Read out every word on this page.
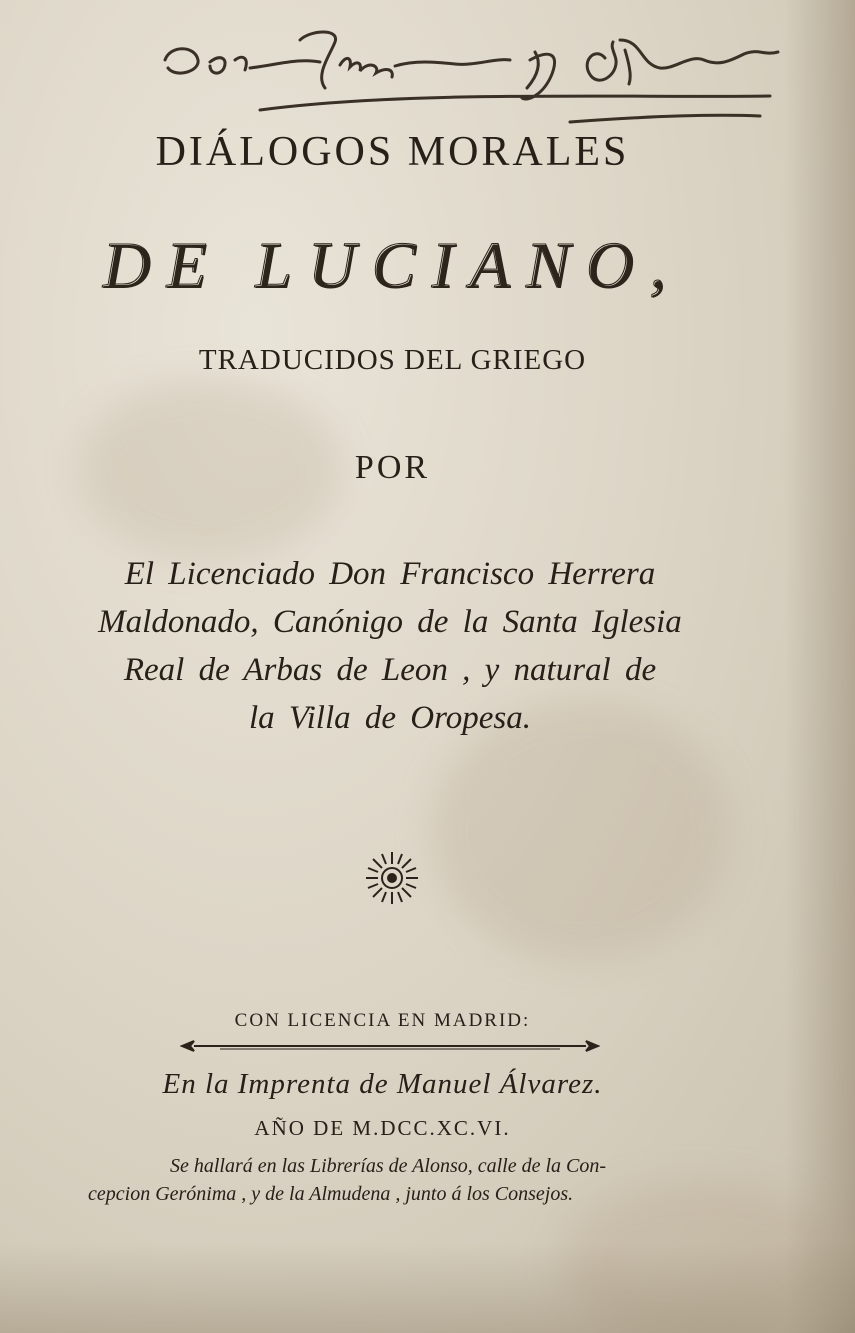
DIÁLOGOS MORALES
DE LUCIANO,
TRADUCIDOS DEL GRIEGO
POR
El Licenciado Don Francisco Herrera
Maldonado, Canónigo de la Santa Iglesia
Real de Arbas de Leon , y natural de
la Villa de Oropesa.
CON LICENCIA EN MADRID:
En la Imprenta de Manuel Álvarez.
AÑO DE M.DCC.XC.VI.
Se hallará en las Librerías de Alonso, calle de la Con-
cepcion Gerónima , y de la Almudena , junto á los Consejos.
